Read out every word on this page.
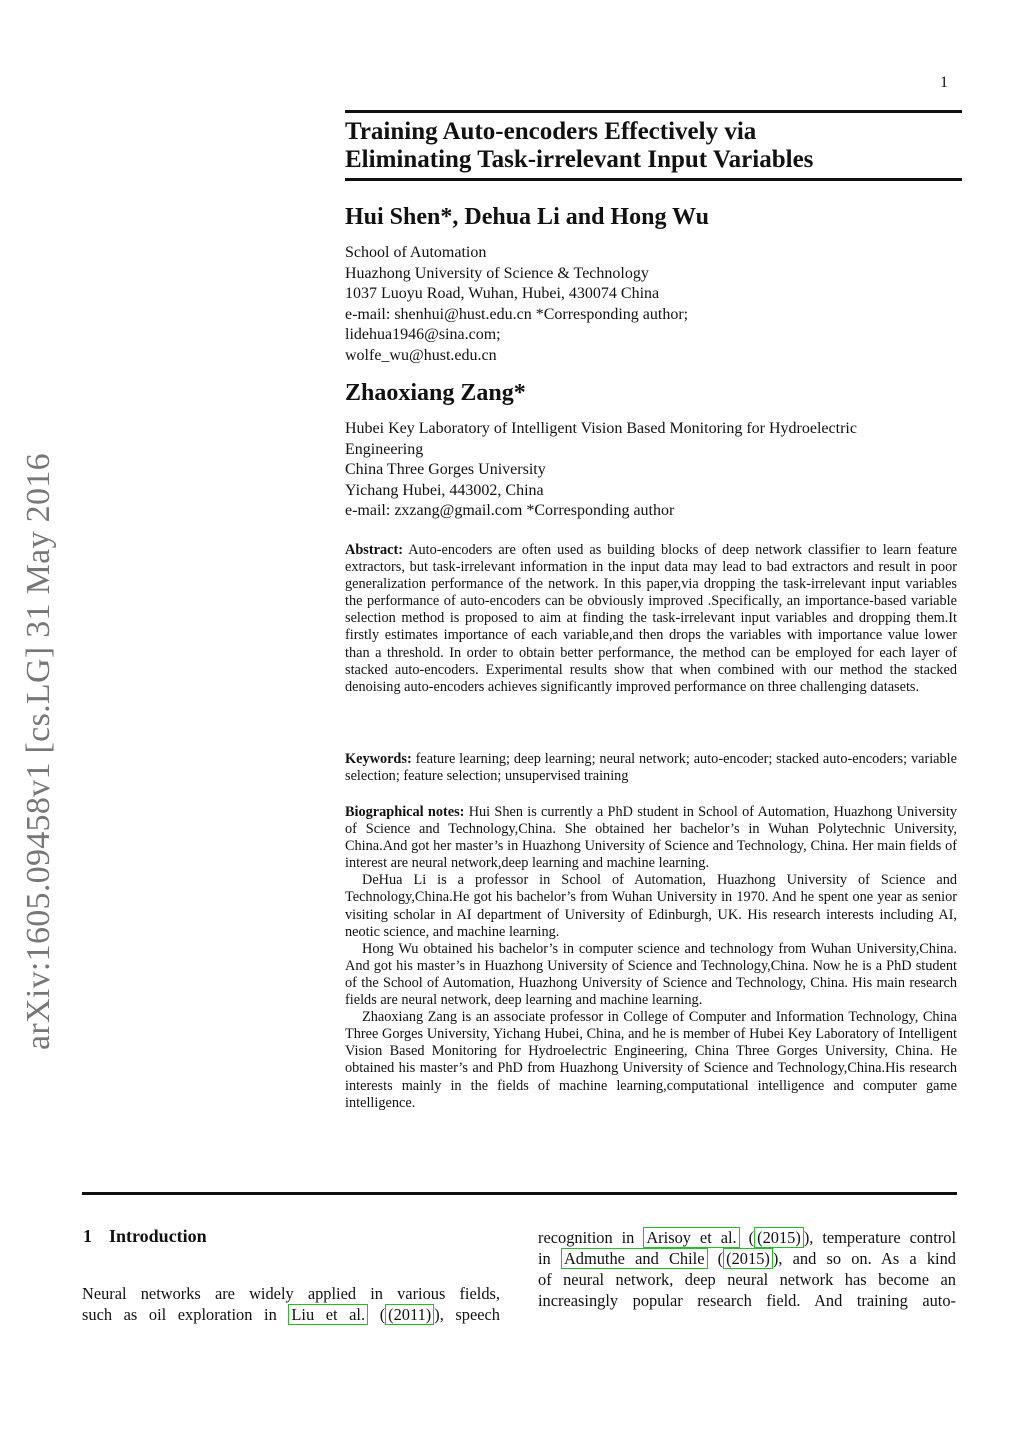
1
arXiv:1605.09458v1 [cs.LG] 31 May 2016
Training Auto-encoders Effectively via
Eliminating Task-irrelevant Input Variables
Hui Shen*, Dehua Li and Hong Wu
School of Automation
Huazhong University of Science & Technology
1037 Luoyu Road, Wuhan, Hubei, 430074 China
e-mail: shenhui@hust.edu.cn *Corresponding author;
lidehua1946@sina.com;
wolfe_wu@hust.edu.cn
Zhaoxiang Zang*
Hubei Key Laboratory of Intelligent Vision Based Monitoring for Hydroelectric
Engineering
China Three Gorges University
Yichang Hubei, 443002, China
e-mail: zxzang@gmail.com *Corresponding author

Abstract: Auto-encoders are often used as building blocks of deep network classifier to learn feature extractors, but task-irrelevant information in the input data may lead to bad extractors and result in poor generalization performance of the network. In this paper,via dropping the task-irrelevant input variables the performance of auto-encoders can be obviously improved .Specifically, an importance-based variable selection method is proposed to aim at finding the task-irrelevant input variables and dropping them.It firstly estimates importance of each variable,and then drops the variables with importance value lower than a threshold. In order to obtain better performance, the method can be employed for each layer of stacked auto-encoders. Experimental results show that when combined with our method the stacked denoising auto-encoders achieves significantly improved performance on three challenging datasets.

Keywords: feature learning; deep learning; neural network; auto-encoder; stacked auto-encoders; variable selection; feature selection; unsupervised training

Biographical notes: Hui Shen is currently a PhD student in School of Automation, Huazhong University of Science and Technology,China. She obtained her bachelor’s in Wuhan Polytechnic University, China.And got her master’s in Huazhong University of Science and Technology, China. Her main fields of interest are neural network,deep learning and machine learning.

DeHua Li is a professor in School of Automation, Huazhong University of Science and Technology,China.He got his bachelor’s from Wuhan University in 1970. And he spent one year as senior visiting scholar in AI department of University of Edinburgh, UK. His research interests including AI, neotic science, and machine learning.

Hong Wu obtained his bachelor’s in computer science and technology from Wuhan University,China. And got his master’s in Huazhong University of Science and Technology,China. Now he is a PhD student of the School of Automation, Huazhong University of Science and Technology, China. His main research fields are neural network, deep learning and machine learning.

Zhaoxiang Zang is an associate professor in College of Computer and Information Technology, China Three Gorges University, Yichang Hubei, China, and he is member of Hubei Key Laboratory of Intelligent Vision Based Monitoring for Hydroelectric Engineering, China Three Gorges University, China. He obtained his master’s and PhD from Huazhong University of Science and Technology,China.His research interests mainly in the fields of machine learning,computational intelligence and computer game intelligence.

1 Introduction
Neural networks are widely applied in various fields,
such as oil exploration in Liu et al. ( (2011) ), speech
recognition in Arisoy et al. ( (2015) ), temperature control
in Admuthe and Chile ( (2015) ), and so on. As a kind
of neural network, deep neural network has become an
increasingly popular research field. And training auto-
